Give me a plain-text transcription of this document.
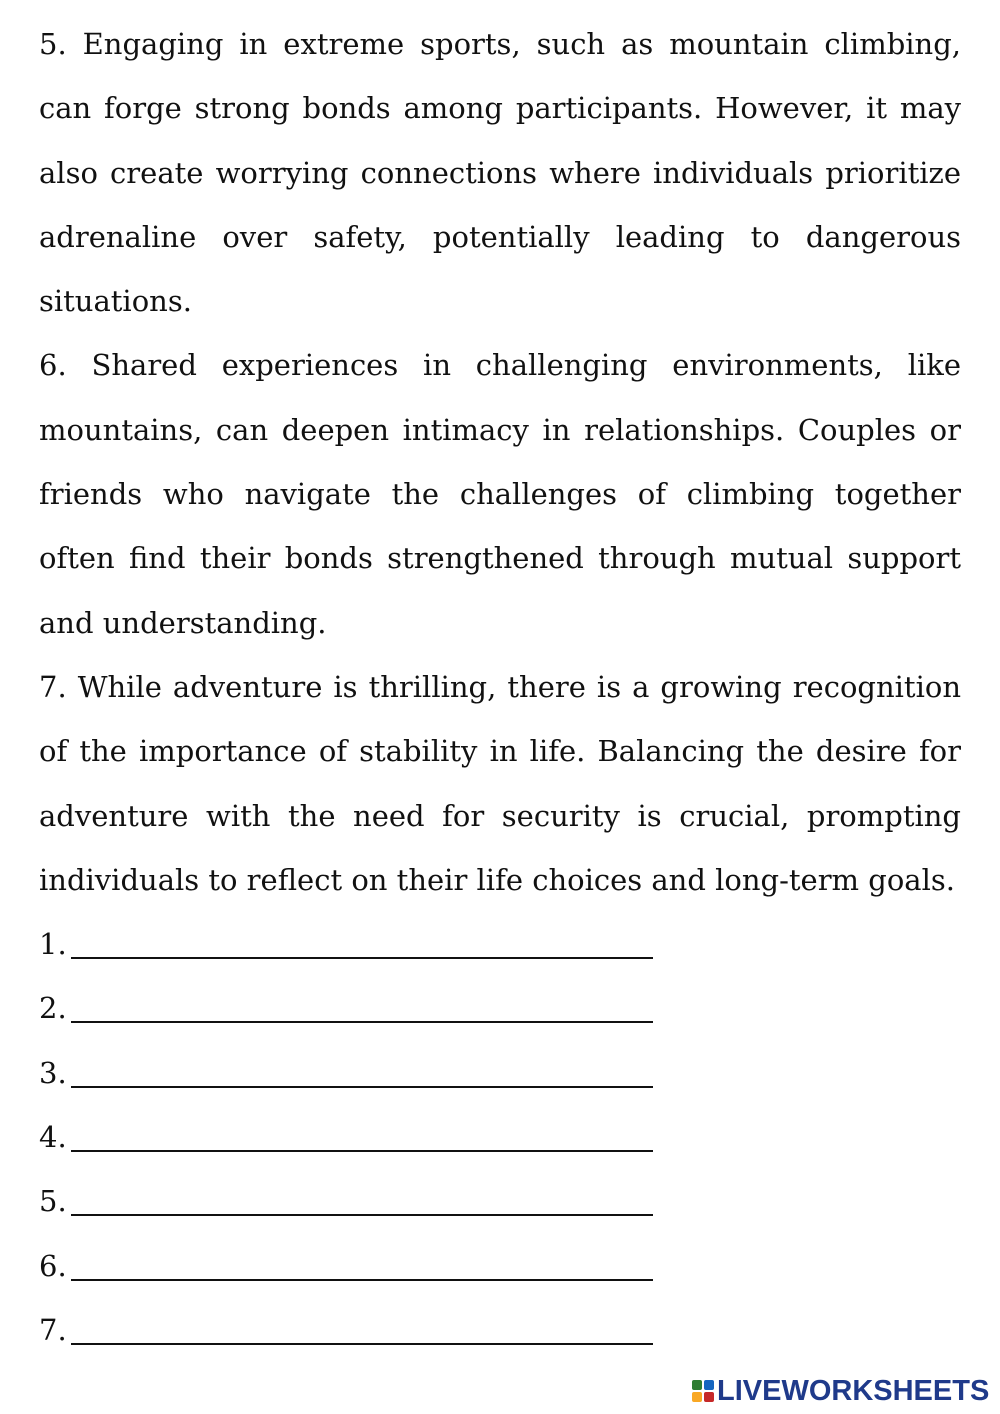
5. Engaging in extreme sports, such as mountain climbing, can forge strong bonds among participants. However, it may also create worrying connections where individuals prioritize adrenaline over safety, potentially leading to dangerous situations.

6. Shared experiences in challenging environments, like mountains, can deepen intimacy in relationships. Couples or friends who navigate the challenges of climbing together often find their bonds strengthened through mutual support and understanding.

7. While adventure is thrilling, there is a growing recognition of the importance of stability in life. Balancing the desire for adventure with the need for security is crucial, prompting individuals to reflect on their life choices and long-term goals.

1.
2.
3.
4.
5.
6.
7.
LIVEWORKSHEETS
